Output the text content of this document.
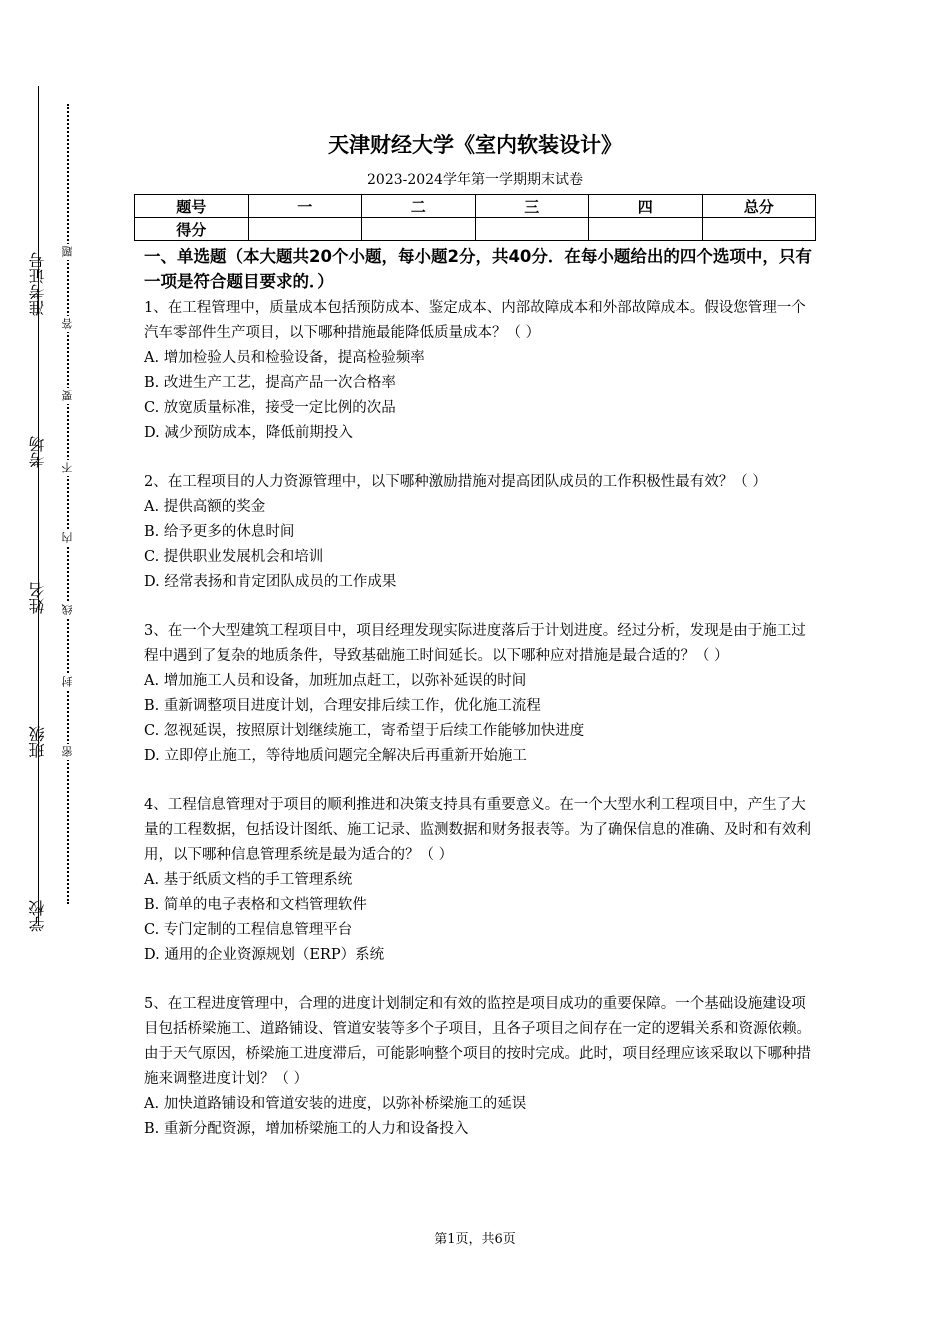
准考证号
考场
姓名
班级
学校
题
答
要
不
内
线
封
密
天津财经大学《室内软装设计》
2023-2024学年第一学期期末试卷
题号	一	二	三	四	总分
得分					
一、单选题（本大题共20个小题，每小题2分，共40分．在每小题给出的四个选项中，只有一项是符合题目要求的．）
1、在工程管理中，质量成本包括预防成本、鉴定成本、内部故障成本和外部故障成本。假设您管理一个汽车零部件生产项目，以下哪种措施最能降低质量成本？（ ）
A. 增加检验人员和检验设备，提高检验频率
B. 改进生产工艺，提高产品一次合格率
C. 放宽质量标准，接受一定比例的次品
D. 减少预防成本，降低前期投入
2、在工程项目的人力资源管理中，以下哪种激励措施对提高团队成员的工作积极性最有效？（ ）
A. 提供高额的奖金
B. 给予更多的休息时间
C. 提供职业发展机会和培训
D. 经常表扬和肯定团队成员的工作成果
3、在一个大型建筑工程项目中，项目经理发现实际进度落后于计划进度。经过分析，发现是由于施工过程中遇到了复杂的地质条件，导致基础施工时间延长。以下哪种应对措施是最合适的？（ ）
A. 增加施工人员和设备，加班加点赶工，以弥补延误的时间
B. 重新调整项目进度计划，合理安排后续工作，优化施工流程
C. 忽视延误，按照原计划继续施工，寄希望于后续工作能够加快进度
D. 立即停止施工，等待地质问题完全解决后再重新开始施工
4、工程信息管理对于项目的顺利推进和决策支持具有重要意义。在一个大型水利工程项目中，产生了大量的工程数据，包括设计图纸、施工记录、监测数据和财务报表等。为了确保信息的准确、及时和有效利用，以下哪种信息管理系统是最为适合的？（ ）
A. 基于纸质文档的手工管理系统
B. 简单的电子表格和文档管理软件
C. 专门定制的工程信息管理平台
D. 通用的企业资源规划（ERP）系统
5、在工程进度管理中，合理的进度计划制定和有效的监控是项目成功的重要保障。一个基础设施建设项目包括桥梁施工、道路铺设、管道安装等多个子项目，且各子项目之间存在一定的逻辑关系和资源依赖。由于天气原因，桥梁施工进度滞后，可能影响整个项目的按时完成。此时，项目经理应该采取以下哪种措施来调整进度计划？（ ）
A. 加快道路铺设和管道安装的进度，以弥补桥梁施工的延误
B. 重新分配资源，增加桥梁施工的人力和设备投入
第1页，共6页
